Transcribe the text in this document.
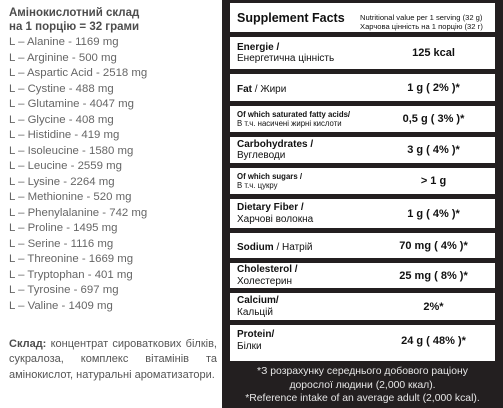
Амінокислотний склад
на 1 порцію = 32 грами
L – Alanine - 1169 mg
L – Arginine - 500 mg
L – Aspartic Acid - 2518 mg
L – Cystine - 488 mg
L – Glutamine - 4047 mg
L – Glycine - 408 mg
L – Histidine - 419 mg
L – Isoleucine - 1580 mg
L – Leucine - 2559 mg
L – Lysine - 2264 mg
L – Methionine - 520 mg
L – Phenylalanine - 742 mg
L – Proline - 1495 mg
L – Serine - 1116 mg
L – Threonine - 1669 mg
L – Tryptophan - 401 mg
L – Tyrosine - 697 mg
L – Valine - 1409 mg
Склад: концентрат сироваткових білків, сукралоза, комплекс вітамінів та амінокислот, натуральні ароматизатори.
Supplement Facts Nutritional value per 1 serving (32 g)
Харчова цінність на 1 порцію (32 г)
Energie /
Енергетична цінність	125 kcal
Fat / Жири	1 g ( 2% )*
Of which saturated fatty acids/
В т.ч. насичені жирні кислоти	0,5 g ( 3% )*
Carbohydrates /
Вуглеводи	3 g ( 4% )*
Of which sugars /
В т.ч. цукру	> 1 g
Dietary Fiber /
Харчові волокна	1 g ( 4% )*
Sodium / Натрій	70 mg ( 4% )*
Cholesterol /
Холестерин	25 mg ( 8% )*
Calcium/
Кальцій	2%*
Protein/
Білки	24 g ( 48% )*
*З розрахунку середнього добового раціону
дорослої людини (2,000 ккал).
*Reference intake of an average adult (2,000 kcal).
